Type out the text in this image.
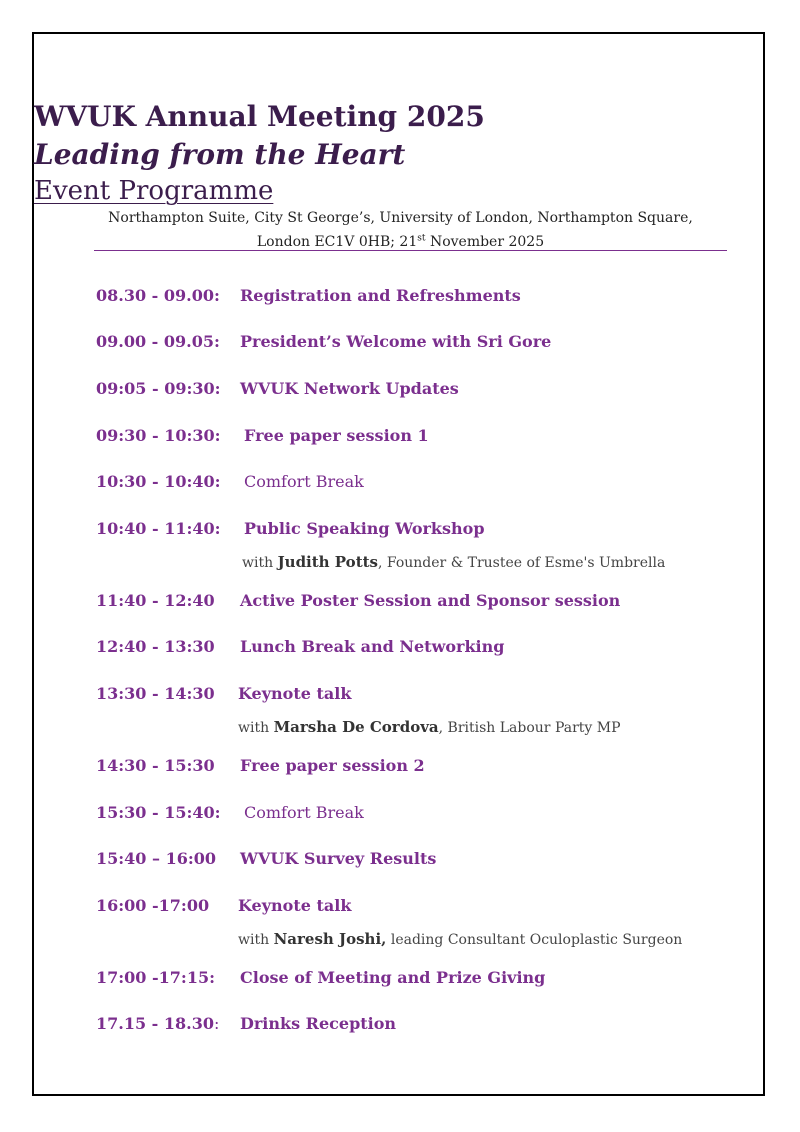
WVUK Annual Meeting 2025
Leading from the Heart
Event Programme
Northampton Suite, City St George’s, University of London, Northampton Square,
London EC1V 0HB; 21st November 2025
08.30 - 09.00: Registration and Refreshments
09.00 - 09.05: President’s Welcome with Sri Gore
09:05 - 09:30: WVUK Network Updates
09:30 - 10:30: Free paper session 1
10:30 - 10:40: Comfort Break
10:40 - 11:40: Public Speaking Workshop
with Judith Potts, Founder & Trustee of Esme's Umbrella
11:40 - 12:40 Active Poster Session and Sponsor session
12:40 - 13:30 Lunch Break and Networking
13:30 - 14:30 Keynote talk
with Marsha De Cordova, British Labour Party MP
14:30 - 15:30 Free paper session 2
15:30 - 15:40: Comfort Break
15:40 – 16:00 WVUK Survey Results
16:00 -17:00 Keynote talk
with Naresh Joshi, leading Consultant Oculoplastic Surgeon
17:00 -17:15: Close of Meeting and Prize Giving
17.15 - 18.30: Drinks Reception
